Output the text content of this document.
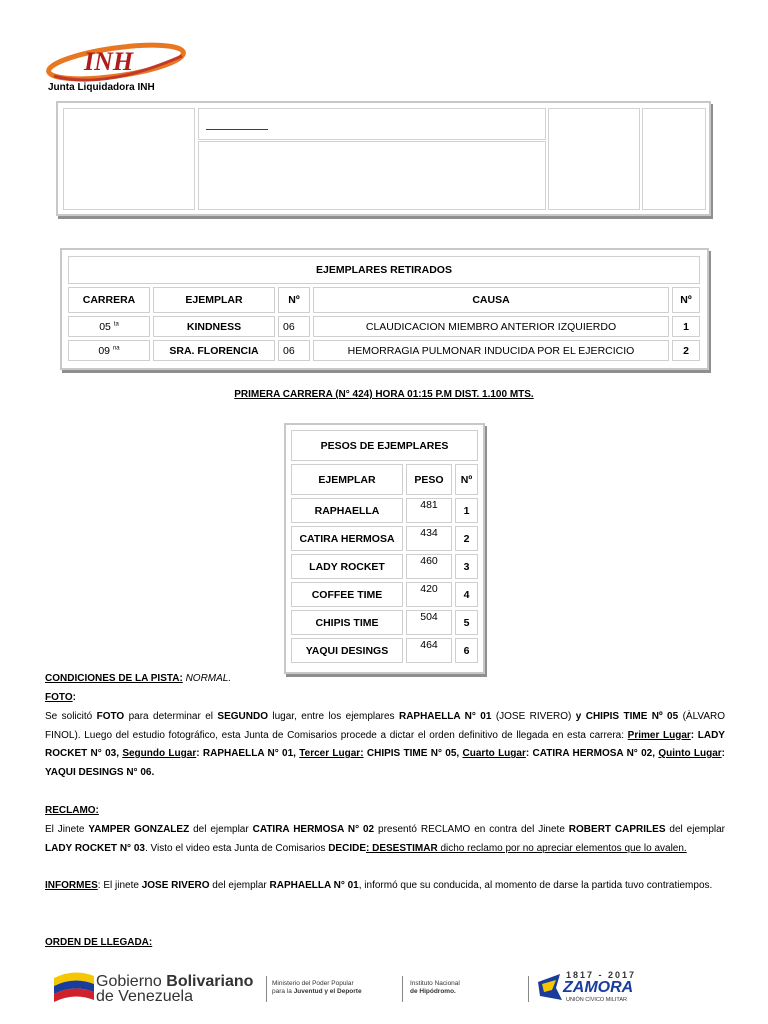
INH
Junta Liquidadora INH
EJEMPLARES RETIRADOS				
CARRERA	EJEMPLAR	Nº	CAUSA	Nº
05 $^{ta}$	KINDNESS	06	CLAUDICACION MIEMBRO ANTERIOR IZQUIERDO	1
09 $^{na}$	SRA. FLORENCIA	06	HEMORRAGIA PULMONAR INDUCIDA POR EL EJERCICIO	2
PRIMERA CARRERA (N° 424) HORA 01:15 P.M DIST. 1.100 MTS.
PESOS DE EJEMPLARES		
EJEMPLAR	PESO	Nº
RAPHAELLA	481	1
CATIRA HERMOSA	434	2
LADY ROCKET	460	3
COFFEE TIME	420	4
CHIPIS TIME	504	5
YAQUI DESINGS	464	6
CONDICIONES DE LA PISTA: NORMAL.
FOTO:
Se solicitó FOTO para determinar el SEGUNDO lugar, entre los ejemplares RAPHAELLA N° 01 (JOSE RIVERO) y CHIPIS TIME Nº 05 (ÀLVARO FINOL). Luego del estudio fotográfico, esta Junta de Comisarios procede a dictar el orden definitivo de llegada en esta carrera: Primer Lugar: LADY ROCKET N° 03, Segundo Lugar: RAPHAELLA N° 01, Tercer Lugar: CHIPIS TIME N° 05, Cuarto Lugar: CATIRA HERMOSA N° 02, Quinto Lugar: YAQUI DESINGS N° 06.
RECLAMO:
El Jinete YAMPER GONZALEZ del ejemplar CATIRA HERMOSA N° 02 presentó RECLAMO en contra del Jinete ROBERT CAPRILES del ejemplar LADY ROCKET N° 03. Visto el video esta Junta de Comisarios DECIDE: DESESTIMAR dicho reclamo por no apreciar elementos que lo avalen.
INFORMES: El jinete JOSE RIVERO del ejemplar RAPHAELLA N° 01, informó que su conducida, al momento de darse la partida tuvo contratiempos.
ORDEN DE LLEGADA:
Gobierno Bolivariano
de Venezuela
Ministerio del Poder Popular
para la Juventud y el Deporte
Instituto Nacional
de Hipódromo.
1817 - 2017
ZAMORA
UNIÓN CÍVICO MILITAR
